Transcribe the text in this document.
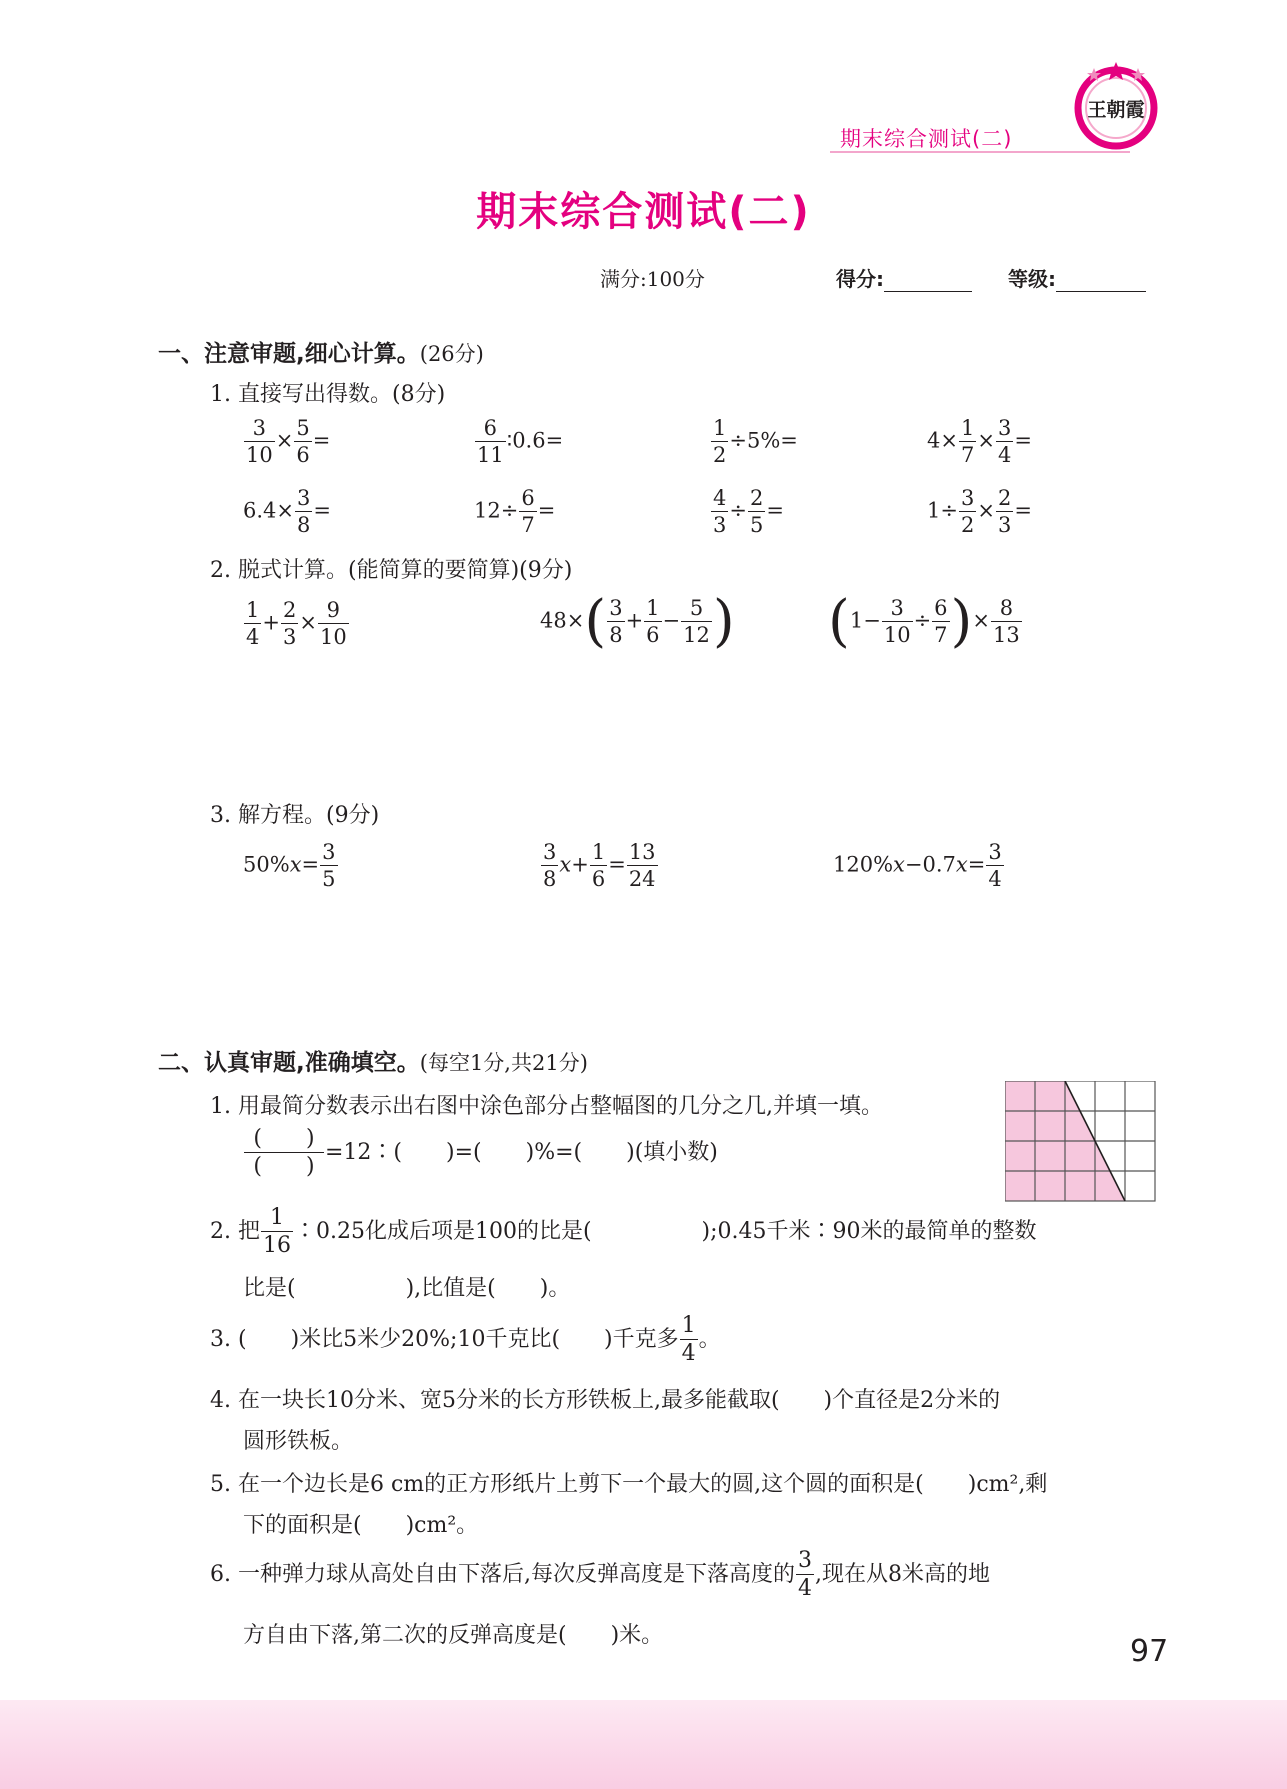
王朝霞
期末综合测试(二)
期末综合测试(二)
满分:100分	得分:	等级:
一、注意审题,细心计算。(26分)
1. 直接写出得数。(8分)
$\frac{3}{10} \times \frac{5}{6}$ =	$\frac{6}{11}$ ∶0.6=	$\frac{1}{2} \div 5\%=$	$4\times \frac{1}{7} \times \frac{3}{4}$ =
$6.4\times \frac{3}{8}$ =	$12\div \frac{6}{7}$ =	$\frac{4}{3} \div \frac{2}{5}$ =	$1\div \frac{3}{2} \times \frac{2}{3}$ =
2. 脱式计算。(能简算的要简算)(9分)
$\frac{1}{4} + \frac{2}{3} \times \frac{9}{10}$	$48\times( \frac{3}{8} + \frac{1}{6} - \frac{5}{12}$ ) ($1- \frac{3}{10} \div \frac{6}{7}$ )× $\frac{8}{13}$
3. 解方程。(9分)
$50\%x= \frac{3}{5}$	$\frac{3}{8} x+ \frac{1}{6} = \frac{13}{24}$	$120\%x-0.7x= \frac{3}{4}$
二、认真审题,准确填空。(每空1分,共21分)
1. 用最简分数表示出右图中涂色部分占整幅图的几分之几,并填一填。
(　　)
(　　)
=12∶(　　)=(　　)%=(　　)(填小数)
2. 把 $\frac{1}{16}$ ∶0.25化成后项是100的比是(　　　　　);0.45千米∶90米的最简单的整数
比是(　　　　　),比值是(　　)。
3. (　　)米比5米少20%;10千克比(　　)千克多 $\frac{1}{4}$ 。
4. 在一块长10分米、宽5分米的长方形铁板上,最多能截取(　　)个直径是2分米的
圆形铁板。
5. 在一个边长是6 cm的正方形纸片上剪下一个最大的圆,这个圆的面积是(　　)cm²,剩
下的面积是(　　)cm²。
6. 一种弹力球从高处自由下落后,每次反弹高度是下落高度的 $\frac{3}{4}$ ,现在从8米高的地
方自由下落,第二次的反弹高度是(　　)米。	97
